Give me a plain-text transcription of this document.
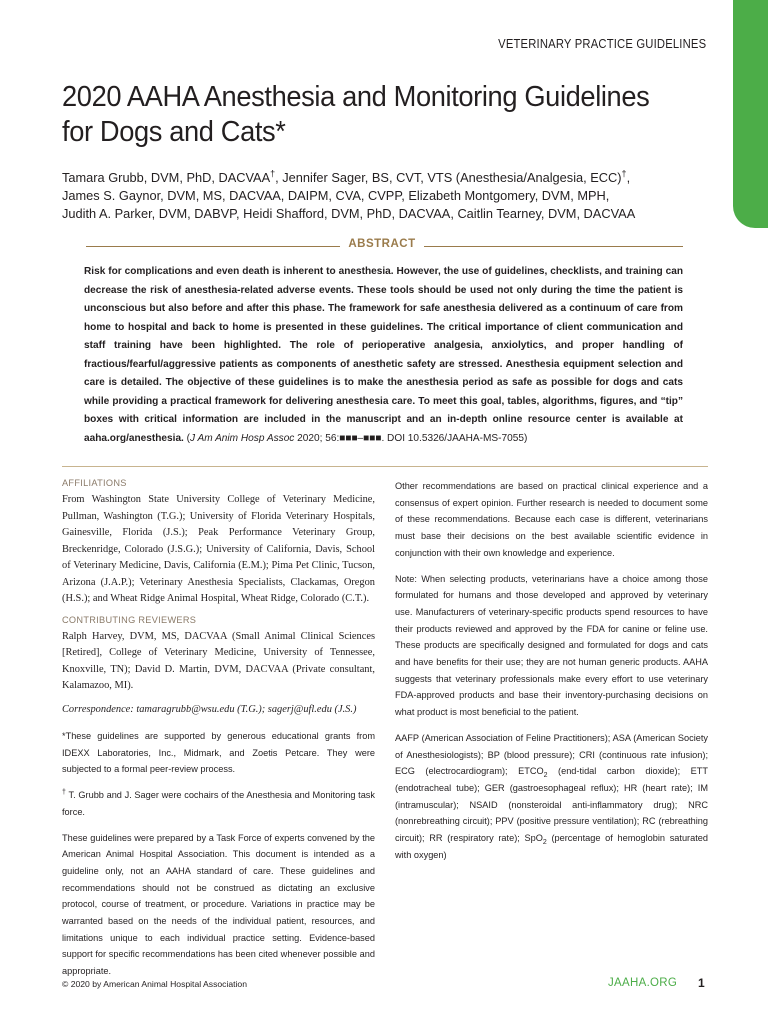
VETERINARY PRACTICE GUIDELINES
2020 AAHA Anesthesia and Monitoring Guidelines
for Dogs and Cats*
Tamara Grubb, DVM, PhD, DACVAA†, Jennifer Sager, BS, CVT, VTS (Anesthesia/Analgesia, ECC)†,
James S. Gaynor, DVM, MS, DACVAA, DAIPM, CVA, CVPP, Elizabeth Montgomery, DVM, MPH,
Judith A. Parker, DVM, DABVP, Heidi Shafford, DVM, PhD, DACVAA, Caitlin Tearney, DVM, DACVAA
ABSTRACT

Risk for complications and even death is inherent to anesthesia. However, the use of guidelines, checklists, and training can decrease the risk of anesthesia-related adverse events. These tools should be used not only during the time the patient is unconscious but also before and after this phase. The framework for safe anesthesia delivered as a continuum of care from home to hospital and back to home is presented in these guidelines. The critical importance of client communication and staff training have been highlighted. The role of perioperative analgesia, anxiolytics, and proper handling of fractious/fearful/aggressive patients as components of anesthetic safety are stressed. Anesthesia equipment selection and care is detailed. The objective of these guidelines is to make the anesthesia period as safe as possible for dogs and cats while providing a practical framework for delivering anesthesia care. To meet this goal, tables, algorithms, figures, and “tip” boxes with critical information are included in the manuscript and an in-depth online resource center is available at aaha.org/anesthesia. (J Am Anim Hosp Assoc 2020; 56:■■■–■■■. DOI 10.5326/JAAHA-MS-7055)

AFFILIATIONS

From Washington State University College of Veterinary Medicine, Pullman, Washington (T.G.); University of Florida Veterinary Hospitals, Gainesville, Florida (J.S.); Peak Performance Veterinary Group, Breckenridge, Colorado (J.S.G.); University of California, Davis, School of Veterinary Medicine, Davis, California (E.M.); Pima Pet Clinic, Tucson, Arizona (J.A.P.); Veterinary Anesthesia Specialists, Clackamas, Oregon (H.S.); and Wheat Ridge Animal Hospital, Wheat Ridge, Colorado (C.T.).

CONTRIBUTING REVIEWERS

Ralph Harvey, DVM, MS, DACVAA (Small Animal Clinical Sciences [Retired], College of Veterinary Medicine, University of Tennessee, Knoxville, TN); David D. Martin, DVM, DACVAA (Private consultant, Kalamazoo, MI).

Correspondence: tamaragrubb@wsu.edu (T.G.); sagerj@ufl.edu (J.S.)

*These guidelines are supported by generous educational grants from IDEXX Laboratories, Inc., Midmark, and Zoetis Petcare. They were subjected to a formal peer-review process.

† T. Grubb and J. Sager were cochairs of the Anesthesia and Monitoring task force.

These guidelines were prepared by a Task Force of experts convened by the American Animal Hospital Association. This document is intended as a guideline only, not an AAHA standard of care. These guidelines and recommendations should not be construed as dictating an exclusive protocol, course of treatment, or procedure. Variations in practice may be warranted based on the needs of the individual patient, resources, and limitations unique to each individual practice setting. Evidence-based support for specific recommendations has been cited whenever possible and appropriate.

Other recommendations are based on practical clinical experience and a consensus of expert opinion. Further research is needed to document some of these recommendations. Because each case is different, veterinarians must base their decisions on the best available scientific evidence in conjunction with their own knowledge and experience.

Note: When selecting products, veterinarians have a choice among those formulated for humans and those developed and approved by veterinary use. Manufacturers of veterinary-specific products spend resources to have their products reviewed and approved by the FDA for canine or feline use. These products are specifically designed and formulated for dogs and cats and have benefits for their use; they are not human generic products. AAHA suggests that veterinary professionals make every effort to use veterinary FDA-approved products and base their inventory-purchasing decisions on what product is most beneficial to the patient.

AAFP (American Association of Feline Practitioners); ASA (American Society of Anesthesiologists); BP (blood pressure); CRI (continuous rate infusion); ECG (electrocardiogram); $ETCO_2$ (end-tidal carbon dioxide); ETT (endotracheal tube); GER (gastroesophageal reflux); HR (heart rate); IM (intramuscular); NSAID (nonsteroidal anti-inflammatory drug); NRC (nonrebreathing circuit); PPV (positive pressure ventilation); RC (rebreathing circuit); RR (respiratory rate); SpO$_2$ (percentage of hemoglobin saturated with oxygen)

© 2020 by American Animal Hospital Association	JAAHA.ORG 1
